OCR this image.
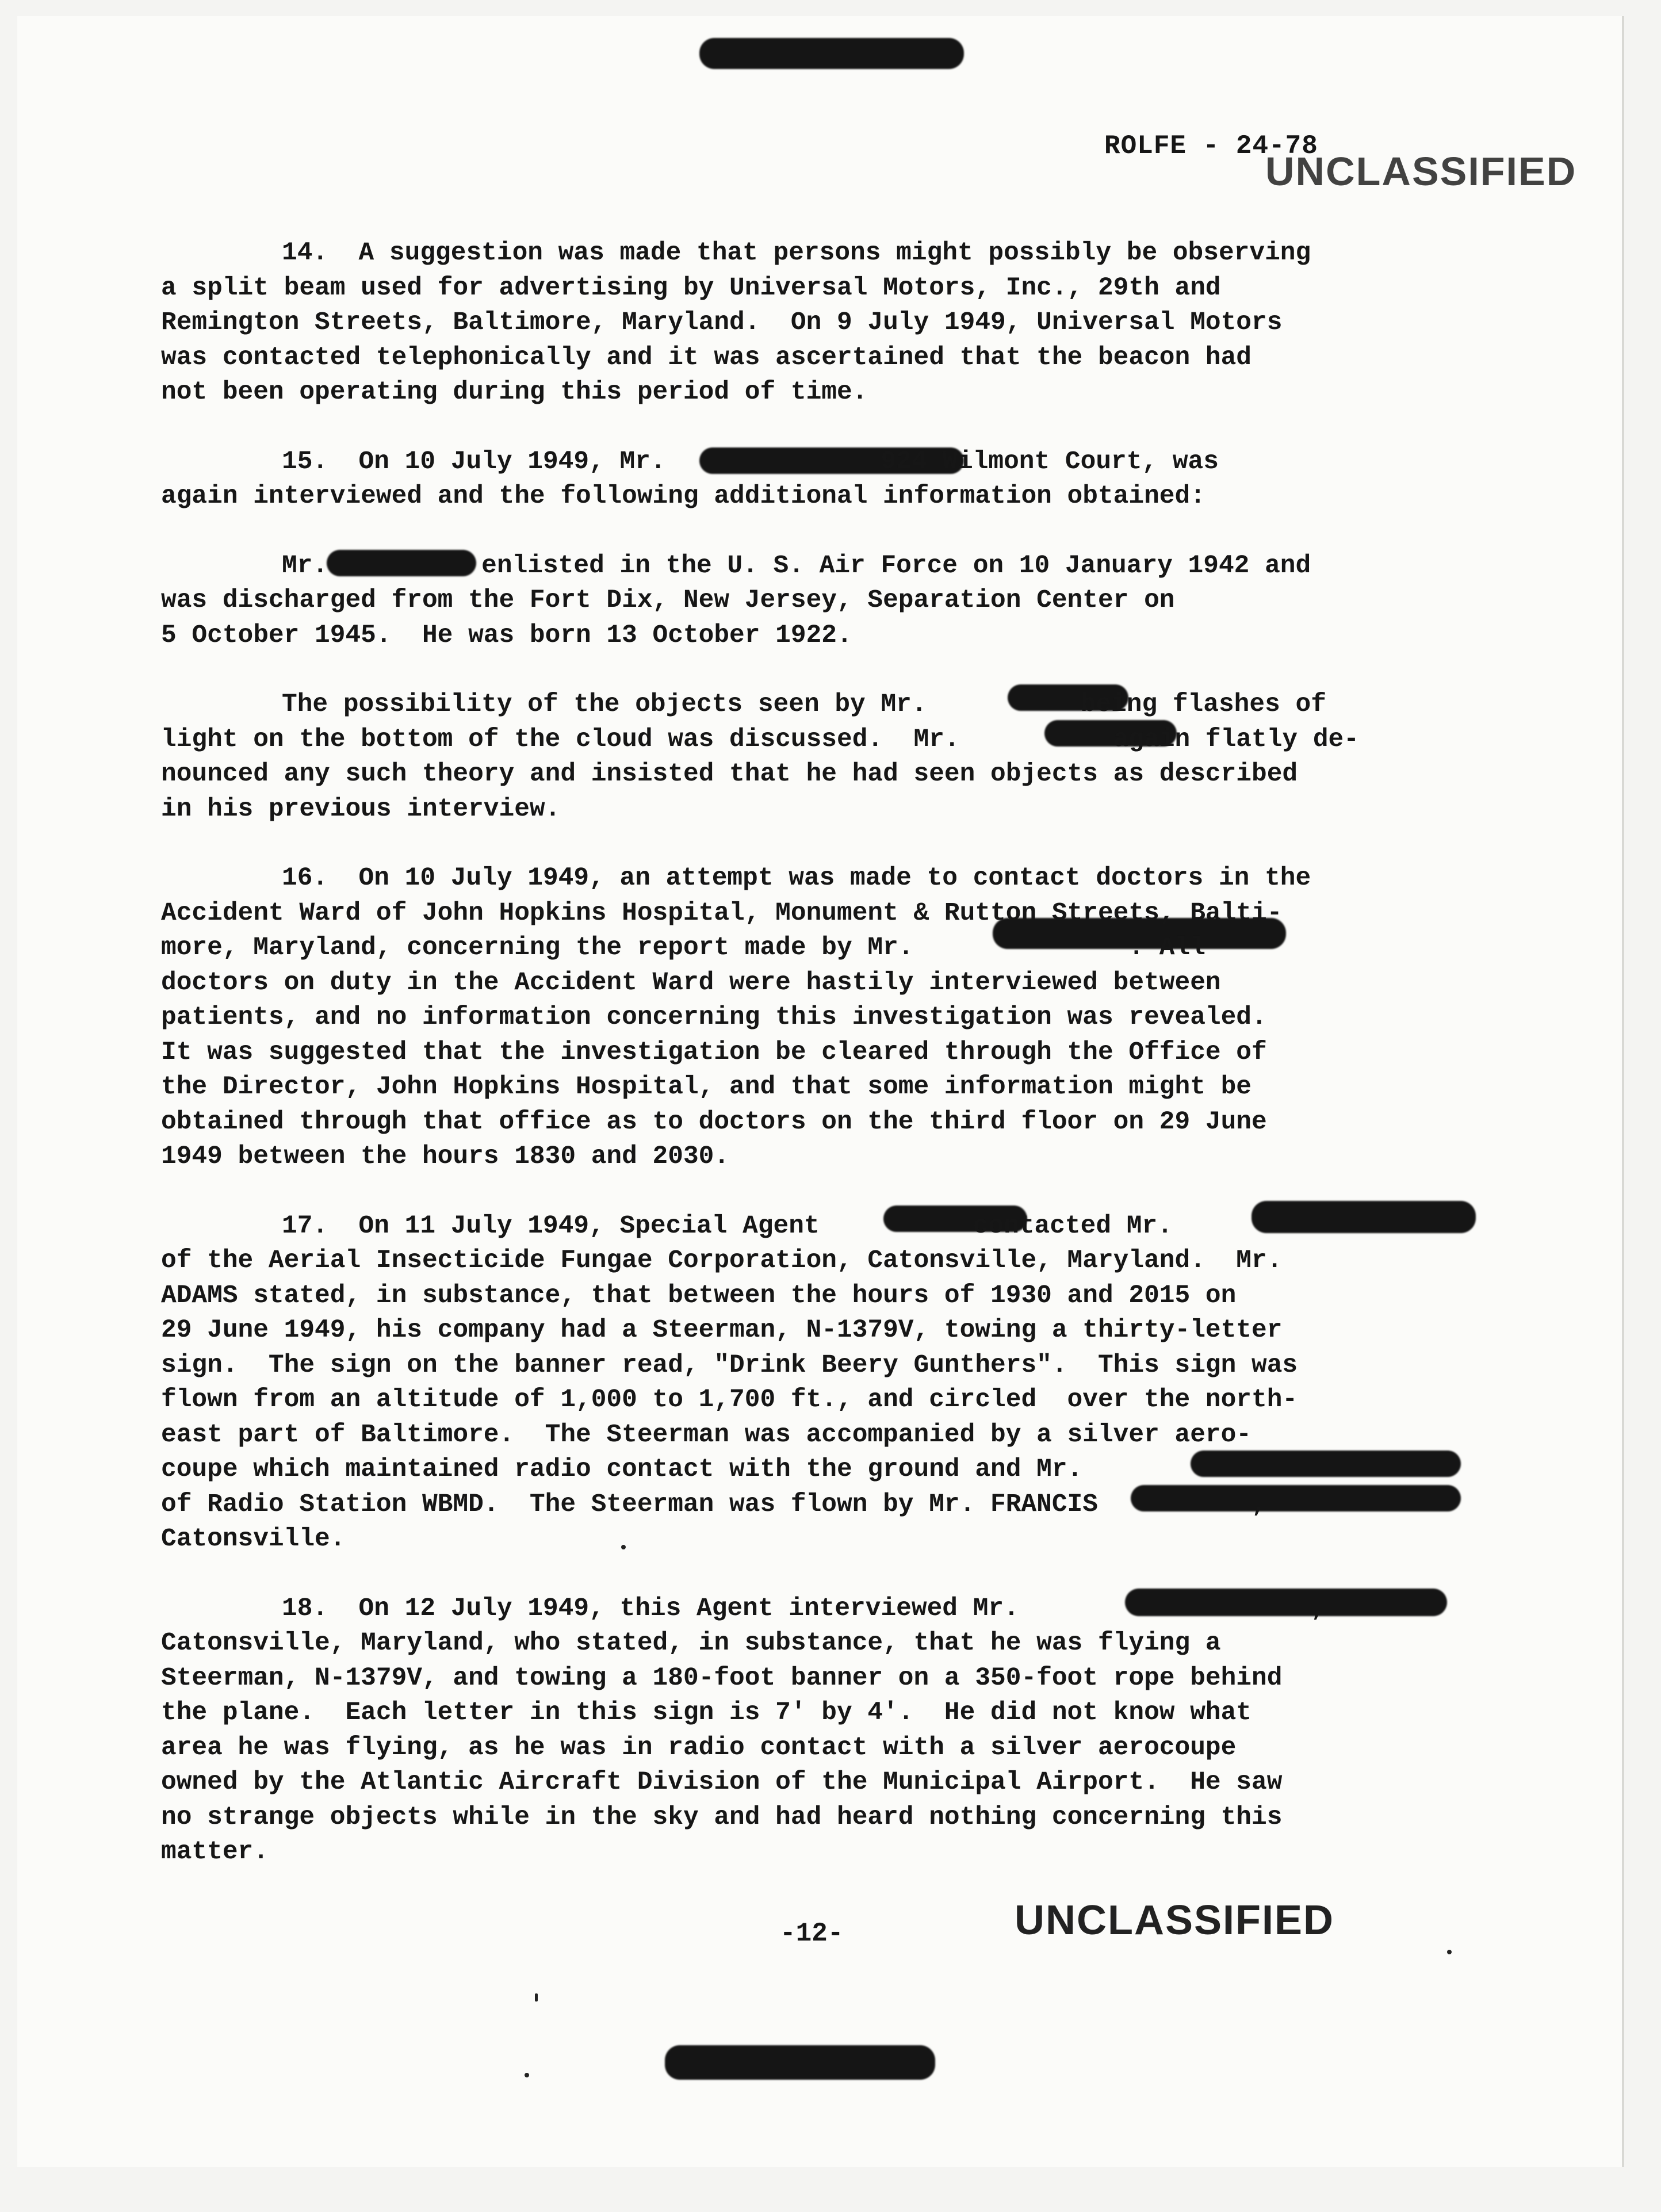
ROLFE - 24-78
UNCLASSIFIED

14.  A suggestion was made that persons might possibly be observing
a split beam used for advertising by Universal Motors, Inc., 29th and
Remington Streets, Baltimore, Maryland.  On 9 July 1949, Universal Motors
was contacted telephonically and it was ascertained that the beacon had
not been operating during this period of time.

15.  On 10 July 1949, Mr.              924 Wilmont Court, was
again interviewed and the following additional information obtained:

Mr.          enlisted in the U. S. Air Force on 10 January 1942 and
was discharged from the Fort Dix, New Jersey, Separation Center on
5 October 1945.  He was born 13 October 1922.

The possibility of the objects seen by Mr.          being flashes of
light on the bottom of the cloud was discussed.  Mr.          again flatly de-
nounced any such theory and insisted that he had seen objects as described
in his previous interview.

16.  On 10 July 1949, an attempt was made to contact doctors in the
Accident Ward of John Hopkins Hospital, Monument & Rutton Streets, Balti-
more, Maryland, concerning the report made by Mr.              . All
doctors on duty in the Accident Ward were hastily interviewed between
patients, and no information concerning this investigation was revealed.
It was suggested that the investigation be cleared through the Office of
the Director, John Hopkins Hospital, and that some information might be
obtained through that office as to doctors on the third floor on 29 June
1949 between the hours 1830 and 2030.

17.  On 11 July 1949, Special Agent          contacted Mr.
of the Aerial Insecticide Fungae Corporation, Catonsville, Maryland.  Mr.
ADAMS stated, in substance, that between the hours of 1930 and 2015 on
29 June 1949, his company had a Steerman, N-1379V, towing a thirty-letter
sign.  The sign on the banner read, "Drink Beery Gunthers".  This sign was
flown from an altitude of 1,000 to 1,700 ft., and circled  over the north-
east part of Baltimore.  The Steerman was accompanied by a silver aero-
coupe which maintained radio contact with the ground and Mr.
of Radio Station WBMD.  The Steerman was flown by Mr. FRANCIS          ,
Catonsville.

18.  On 12 July 1949, this Agent interviewed Mr.                   ,
Catonsville, Maryland, who stated, in substance, that he was flying a
Steerman, N-1379V, and towing a 180-foot banner on a 350-foot rope behind
the plane.  Each letter in this sign is 7' by 4'.  He did not know what
area he was flying, as he was in radio contact with a silver aerocoupe
owned by the Atlantic Aircraft Division of the Municipal Airport.  He saw
no strange objects while in the sky and had heard nothing concerning this
matter.

-12-	UNCLASSIFIED
